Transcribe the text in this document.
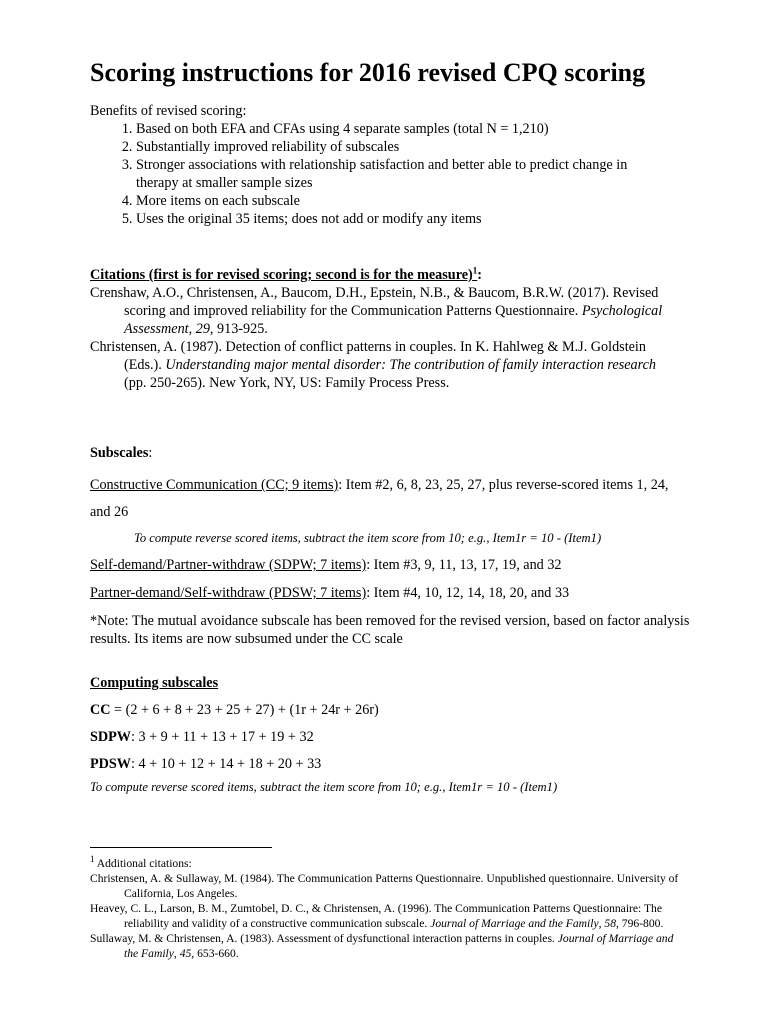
Scoring instructions for 2016 revised CPQ scoring

Benefits of revised scoring:

1. Based on both EFA and CFAs using 4 separate samples (total N = 1,210)
2. Substantially improved reliability of subscales
3. Stronger associations with relationship satisfaction and better able to predict change in therapy at smaller sample sizes
4. More items on each subscale
5. Uses the original 35 items; does not add or modify any items

Citations (first is for revised scoring; second is for the measure)$^1$:

Crenshaw, A.O., Christensen, A., Baucom, D.H., Epstein, N.B., & Baucom, B.R.W. (2017). Revised scoring and improved reliability for the Communication Patterns Questionnaire. Psychological Assessment, 29, 913-925.

Christensen, A. (1987). Detection of conflict patterns in couples. In K. Hahlweg & M.J. Goldstein (Eds.). Understanding major mental disorder: The contribution of family interaction research (pp. 250-265). New York, NY, US: Family Process Press.

Subscales:

Constructive Communication (CC; 9 items): Item #2, 6, 8, 23, 25, 27, plus reverse-scored items 1, 24, and 26

To compute reverse scored items, subtract the item score from 10; e.g., Item1r = 10 - (Item1)

Self-demand/Partner-withdraw (SDPW; 7 items): Item #3, 9, 11, 13, 17, 19, and 32

Partner-demand/Self-withdraw (PDSW; 7 items): Item #4, 10, 12, 14, 18, 20, and 33

*Note: The mutual avoidance subscale has been removed for the revised version, based on factor analysis results. Its items are now subsumed under the CC scale

Computing subscales

CC = (2 + 6 + 8 + 23 + 25 + 27) + (1r + 24r + 26r)

SDPW: 3 + 9 + 11 + 13 + 17 + 19 + 32

PDSW: 4 + 10 + 12 + 14 + 18 + 20 + 33

To compute reverse scored items, subtract the item score from 10; e.g., Item1r = 10 - (Item1)

$^1$ Additional citations:

Christensen, A. & Sullaway, M. (1984). The Communication Patterns Questionnaire. Unpublished questionnaire. University of California, Los Angeles.

Heavey, C. L., Larson, B. M., Zumtobel, D. C., & Christensen, A. (1996). The Communication Patterns Questionnaire: The reliability and validity of a constructive communication subscale. Journal of Marriage and the Family, 58, 796-800.

Sullaway, M. & Christensen, A. (1983). Assessment of dysfunctional interaction patterns in couples. Journal of Marriage and the Family, 45, 653-660.
